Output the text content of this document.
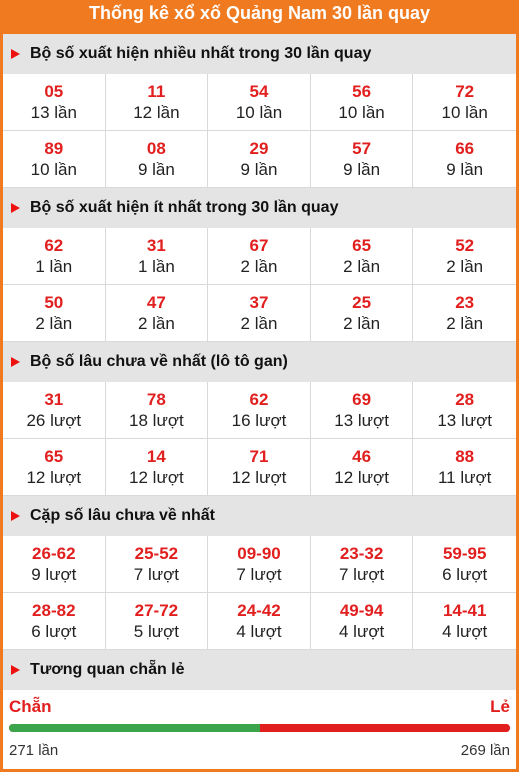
Thống kê xổ xố Quảng Nam 30 lần quay
Bộ số xuất hiện nhiều nhất trong 30 lần quay
05
13 lần
11
12 lần
54
10 lần
56
10 lần
72
10 lần
89
10 lần
08
9 lần
29
9 lần
57
9 lần
66
9 lần
Bộ số xuất hiện ít nhất trong 30 lần quay
62
1 lần
31
1 lần
67
2 lần
65
2 lần
52
2 lần
50
2 lần
47
2 lần
37
2 lần
25
2 lần
23
2 lần
Bộ số lâu chưa về nhất (lô tô gan)
31
26 lượt
78
18 lượt
62
16 lượt
69
13 lượt
28
13 lượt
65
12 lượt
14
12 lượt
71
12 lượt
46
12 lượt
88
11 lượt
Cặp số lâu chưa về nhất
26-62
9 lượt
25-52
7 lượt
09-90
7 lượt
23-32
7 lượt
59-95
6 lượt
28-82
6 lượt
27-72
5 lượt
24-42
4 lượt
49-94
4 lượt
14-41
4 lượt
Tương quan chẵn lẻ
Chẵn	Lẻ
271 lần	269 lần
